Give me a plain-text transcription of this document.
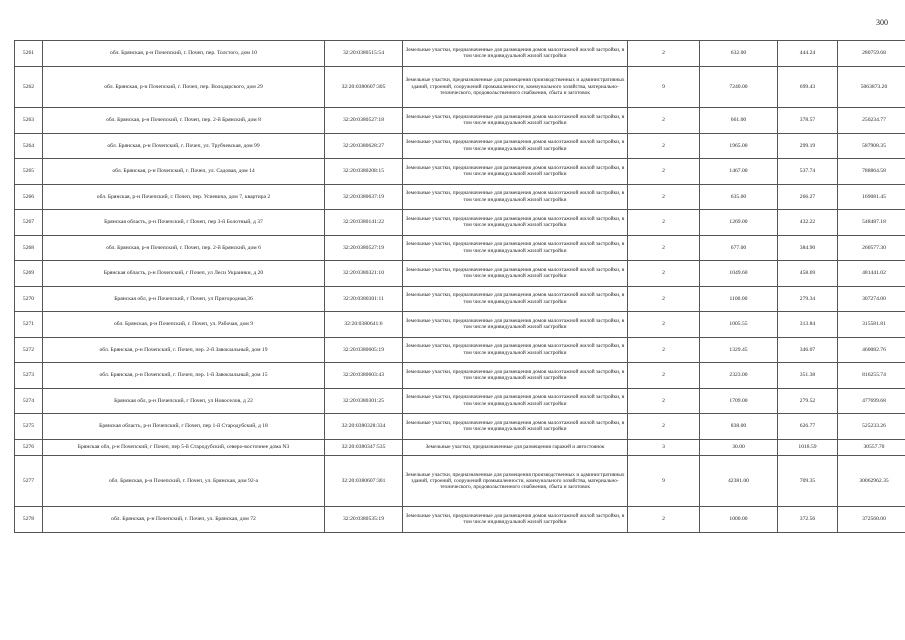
300
5261	обл. Брянская, р-н Почепский, г. Почеп, пер. Толстого, дом 10	32:20:0380515:54	Земельные участки, предназначенные для размещения домов малоэтажной жилой застройки, в том числе индивидуальной жилой застройки	2	632.00	444.24	280759.68
5262	обл. Брянская, р-н Почепский, г. Почеп, пер. Володарского, дом 29	32:20:0380607:305	Земельные участки, предназначенные для размещения производственных и административных зданий, строений, сооружений промышленности, коммунального хозяйства, материально-технического, продовольственного снабжения, сбыта и заготовок	9	7240.00	699.43	5063873.20
5263	обл. Брянская, р-н Почепский, г. Почеп, пер. 2-й Брянский, дом 8	32:20:0380527:18	Земельные участки, предназначенные для размещения домов малоэтажной жилой застройки, в том числе индивидуальной жилой застройки	2	661.00	378.57	250234.77
5264	обл. Брянская, р-н Почепский, г. Почеп, ул. Трубчевская, дом 99	32:20:0380628:27	Земельные участки, предназначенные для размещения домов малоэтажной жилой застройки, в том числе индивидуальной жилой застройки	2	1965.00	299.19	587908.35
5265	обл. Брянская, р-н Почепский, г. Почеп, ул. Садовая, дом 14	32:20:0380208:15	Земельные участки, предназначенные для размещения домов малоэтажной жилой застройки, в том числе индивидуальной жилой застройки	2	1467.00	537.74	788864.58
5266	обл. Брянская, р-н Почепский, г. Почеп, пер. Усиевича, дом 7, квартира 2	32:20:0380637:19	Земельные участки, предназначенные для размещения домов малоэтажной жилой застройки, в том числе индивидуальной жилой застройки	2	635.00	266.27	169081.45
5267	Брянская область, р-н Почепский, г Почеп, пер 3-й Болотный, д 37	32:20:0380141:22	Земельные участки, предназначенные для размещения домов малоэтажной жилой застройки, в том числе индивидуальной жилой застройки	2	1269.00	432.22	548487.18
5268	обл. Брянская, р-н Почепский, г. Почеп, пер. 2-й Брянский, дом 6	32:20:0380527:19	Земельные участки, предназначенные для размещения домов малоэтажной жилой застройки, в том числе индивидуальной жилой застройки	2	677.00	384.90	260577.30
5269	Брянская область, р-н Почепский, г Почеп, ул Леси Украинки, д 20	32:20:0380321:10	Земельные участки, предназначенные для размещения домов малоэтажной жилой застройки, в том числе индивидуальной жилой застройки	2	1049.60	458.69	481441.02
5270	Брянская обл, р-н Почепский, г Почеп, ул Пригородная,36	32:20:0380301:11	Земельные участки, предназначенные для размещения домов малоэтажной жилой застройки, в том числе индивидуальной жилой застройки	2	1100.00	279.34	307274.00
5271	обл. Брянская, р-н Почепский, г. Почеп, ул. Рабочая, дом 9	32:20:0380641:6	Земельные участки, предназначенные для размещения домов малоэтажной жилой застройки, в том числе индивидуальной жилой застройки	2	1005.55	313.84	315581.81
5272	обл. Брянская, р-н Почепский, г. Почеп, пер. 2-й Завокзальный, дом 19	32:20:0380605:19	Земельные участки, предназначенные для размещения домов малоэтажной жилой застройки, в том числе индивидуальной жилой застройки	2	1329.45	346.07	460082.76
5273	обл. Брянская, р-н Почепский, г. Почеп, пер. 1-й Завокзальный, дом 15	32:20:0380603:43	Земельные участки, предназначенные для размещения домов малоэтажной жилой застройки, в том числе индивидуальной жилой застройки	2	2323.00	351.38	816255.74
5274	Брянская обл, р-н Почепский, г Почеп, ул Новоселов, д 22	32:20:0380301:25	Земельные участки, предназначенные для размещения домов малоэтажной жилой застройки, в том числе индивидуальной жилой застройки	2	1709.00	279.52	477699.68
5275	Брянская область, р-н Почепский, г Почеп, пер 1-й Стародубский, д 18	32:20:0380328:334	Земельные участки, предназначенные для размещения домов малоэтажной жилой застройки, в том числе индивидуальной жилой застройки	2	838.00	626.77	525233.26
5276	Брянская обл, р-н Почепский, г Почеп, пер 5-й Стародубский, северо-восточнее дома N3	32:20:0380347:535	Земельные участки, предназначенные для размещения гаражей и автостоянок	3	30.00	1018.59	30557.70
5277	обл. Брянская, р-н Почепский, г. Почеп, ул. Брянская, дом 92-а	32:20:0380607:301	Земельные участки, предназначенные для размещения производственных и административных зданий, строений, сооружений промышленности, коммунального хозяйства, материально-технического, продовольственного снабжения, сбыта и заготовок	9	42381.00	709.35	30062962.35
5278	обл. Брянская, р-н Почепский, г. Почеп, ул. Брянская, дом 72	32:20:0380535:19	Земельные участки, предназначенные для размещения домов малоэтажной жилой застройки, в том числе индивидуальной жилой застройки	2	1000.00	372.56	372560.00
